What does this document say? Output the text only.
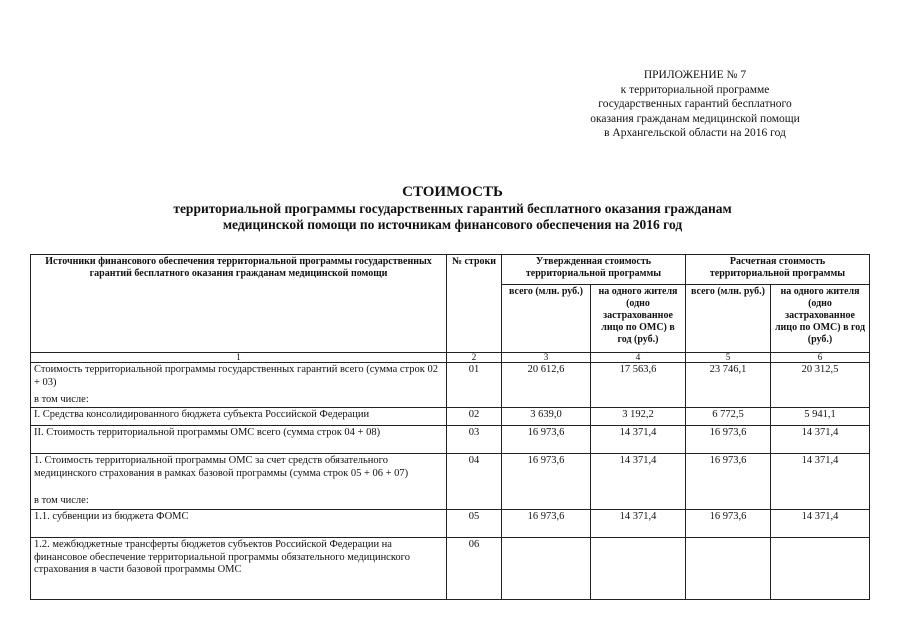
ПРИЛОЖЕНИЕ № 7
к территориальной программе
государственных гарантий бесплатного
оказания гражданам медицинской помощи
в Архангельской области на 2016 год
СТОИМОСТЬ
территориальной программы государственных гарантий бесплатного оказания гражданам
медицинской помощи по источникам финансового обеспечения на 2016 год
Источники финансового обеспечения территориальной программы государственных гарантий бесплатного оказания гражданам медицинской помощи	№ строки	Утвержденная стоимость территориальной программы		Расчетная стоимость территориальной программы	
		всего (млн. руб.)	на одного жителя (одно застрахованное лицо по ОМС) в год (руб.)	всего (млн. руб.)	на одного жителя (одно застрахованное лицо по ОМС) в год (руб.)
1	2	3	4	5	6
Стоимость территориальной программы государственных гарантий всего (сумма строк 02 + 03)	01	20 612,6	17 563,6	23 746,1	20 312,5
в том числе:					
I. Средства консолидированного бюджета субъекта Российской Федерации	02	3 639,0	3 192,2	6 772,5	5 941,1
II. Стоимость территориальной программы ОМС всего (сумма строк 04 + 08)	03	16 973,6	14 371,4	16 973,6	14 371,4
1. Стоимость территориальной программы ОМС за счет средств обязательного медицинского страхования в рамках базовой программы (сумма строк 05 + 06 + 07)	04	16 973,6	14 371,4	16 973,6	14 371,4
в том числе:					
1.1. субвенции из бюджета ФОМС	05	16 973,6	14 371,4	16 973,6	14 371,4
1.2. межбюджетные трансферты бюджетов субъектов Российской Федерации на финансовое обеспечение территориальной программы обязательного медицинского страхования в части базовой программы ОМС	06				
